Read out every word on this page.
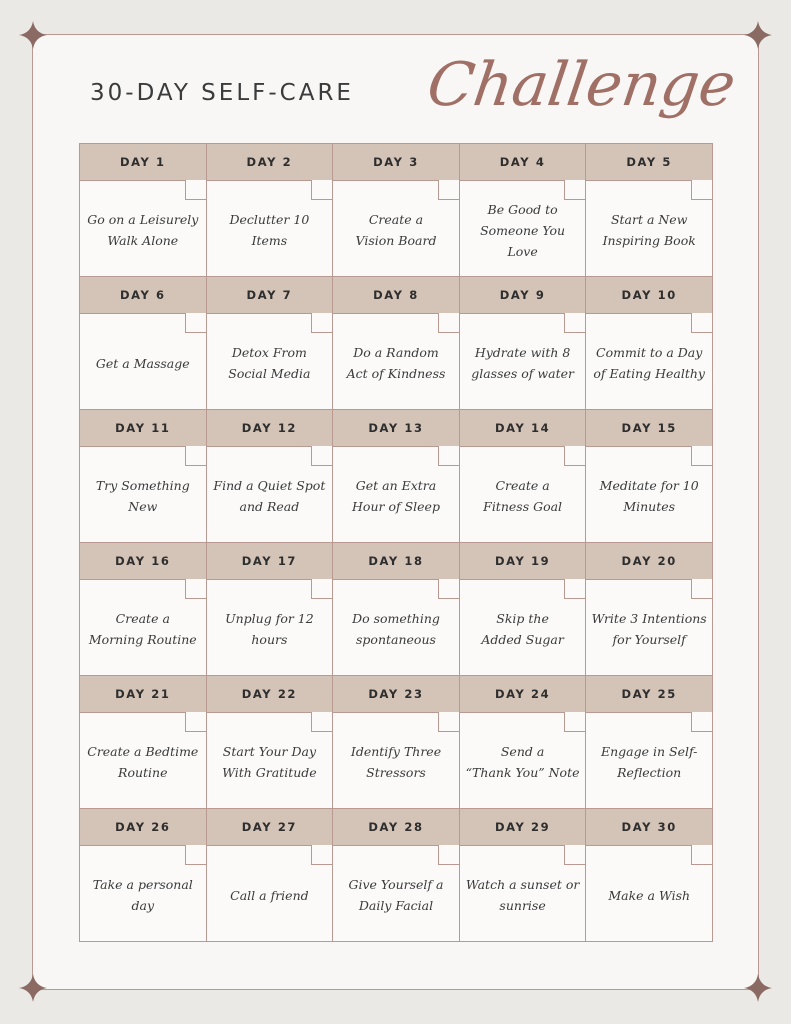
30-DAY SELF-CARE Challenge
DAY 1
Go on a Leisurely
Walk Alone
DAY 2
Declutter 10 Items
DAY 3
Create a
Vision Board
DAY 4
Be Good to
Someone You Love
DAY 5
Start a New
Inspiring Book
DAY 6
Get a Massage
DAY 7
Detox From
Social Media
DAY 8
Do a Random
Act of Kindness
DAY 9
Hydrate with 8
glasses of water
DAY 10
Commit to a Day
of Eating Healthy
DAY 11
Try Something New
DAY 12
Find a Quiet Spot
and Read
DAY 13
Get an Extra
Hour of Sleep
DAY 14
Create a
Fitness Goal
DAY 15
Meditate for 10
Minutes
DAY 16
Create a
Morning Routine
DAY 17
Unplug for 12 hours
DAY 18
Do something
spontaneous
DAY 19
Skip the
Added Sugar
DAY 20
Write 3 Intentions
for Yourself
DAY 21
Create a Bedtime
Routine
DAY 22
Start Your Day
With Gratitude
DAY 23
Identify Three
Stressors
DAY 24
Send a
“Thank You” Note
DAY 25
Engage in Self-
Reflection
DAY 26
Take a personal day
DAY 27
Call a friend
DAY 28
Give Yourself a
Daily Facial
DAY 29
Watch a sunset or
sunrise
DAY 30
Make a Wish
